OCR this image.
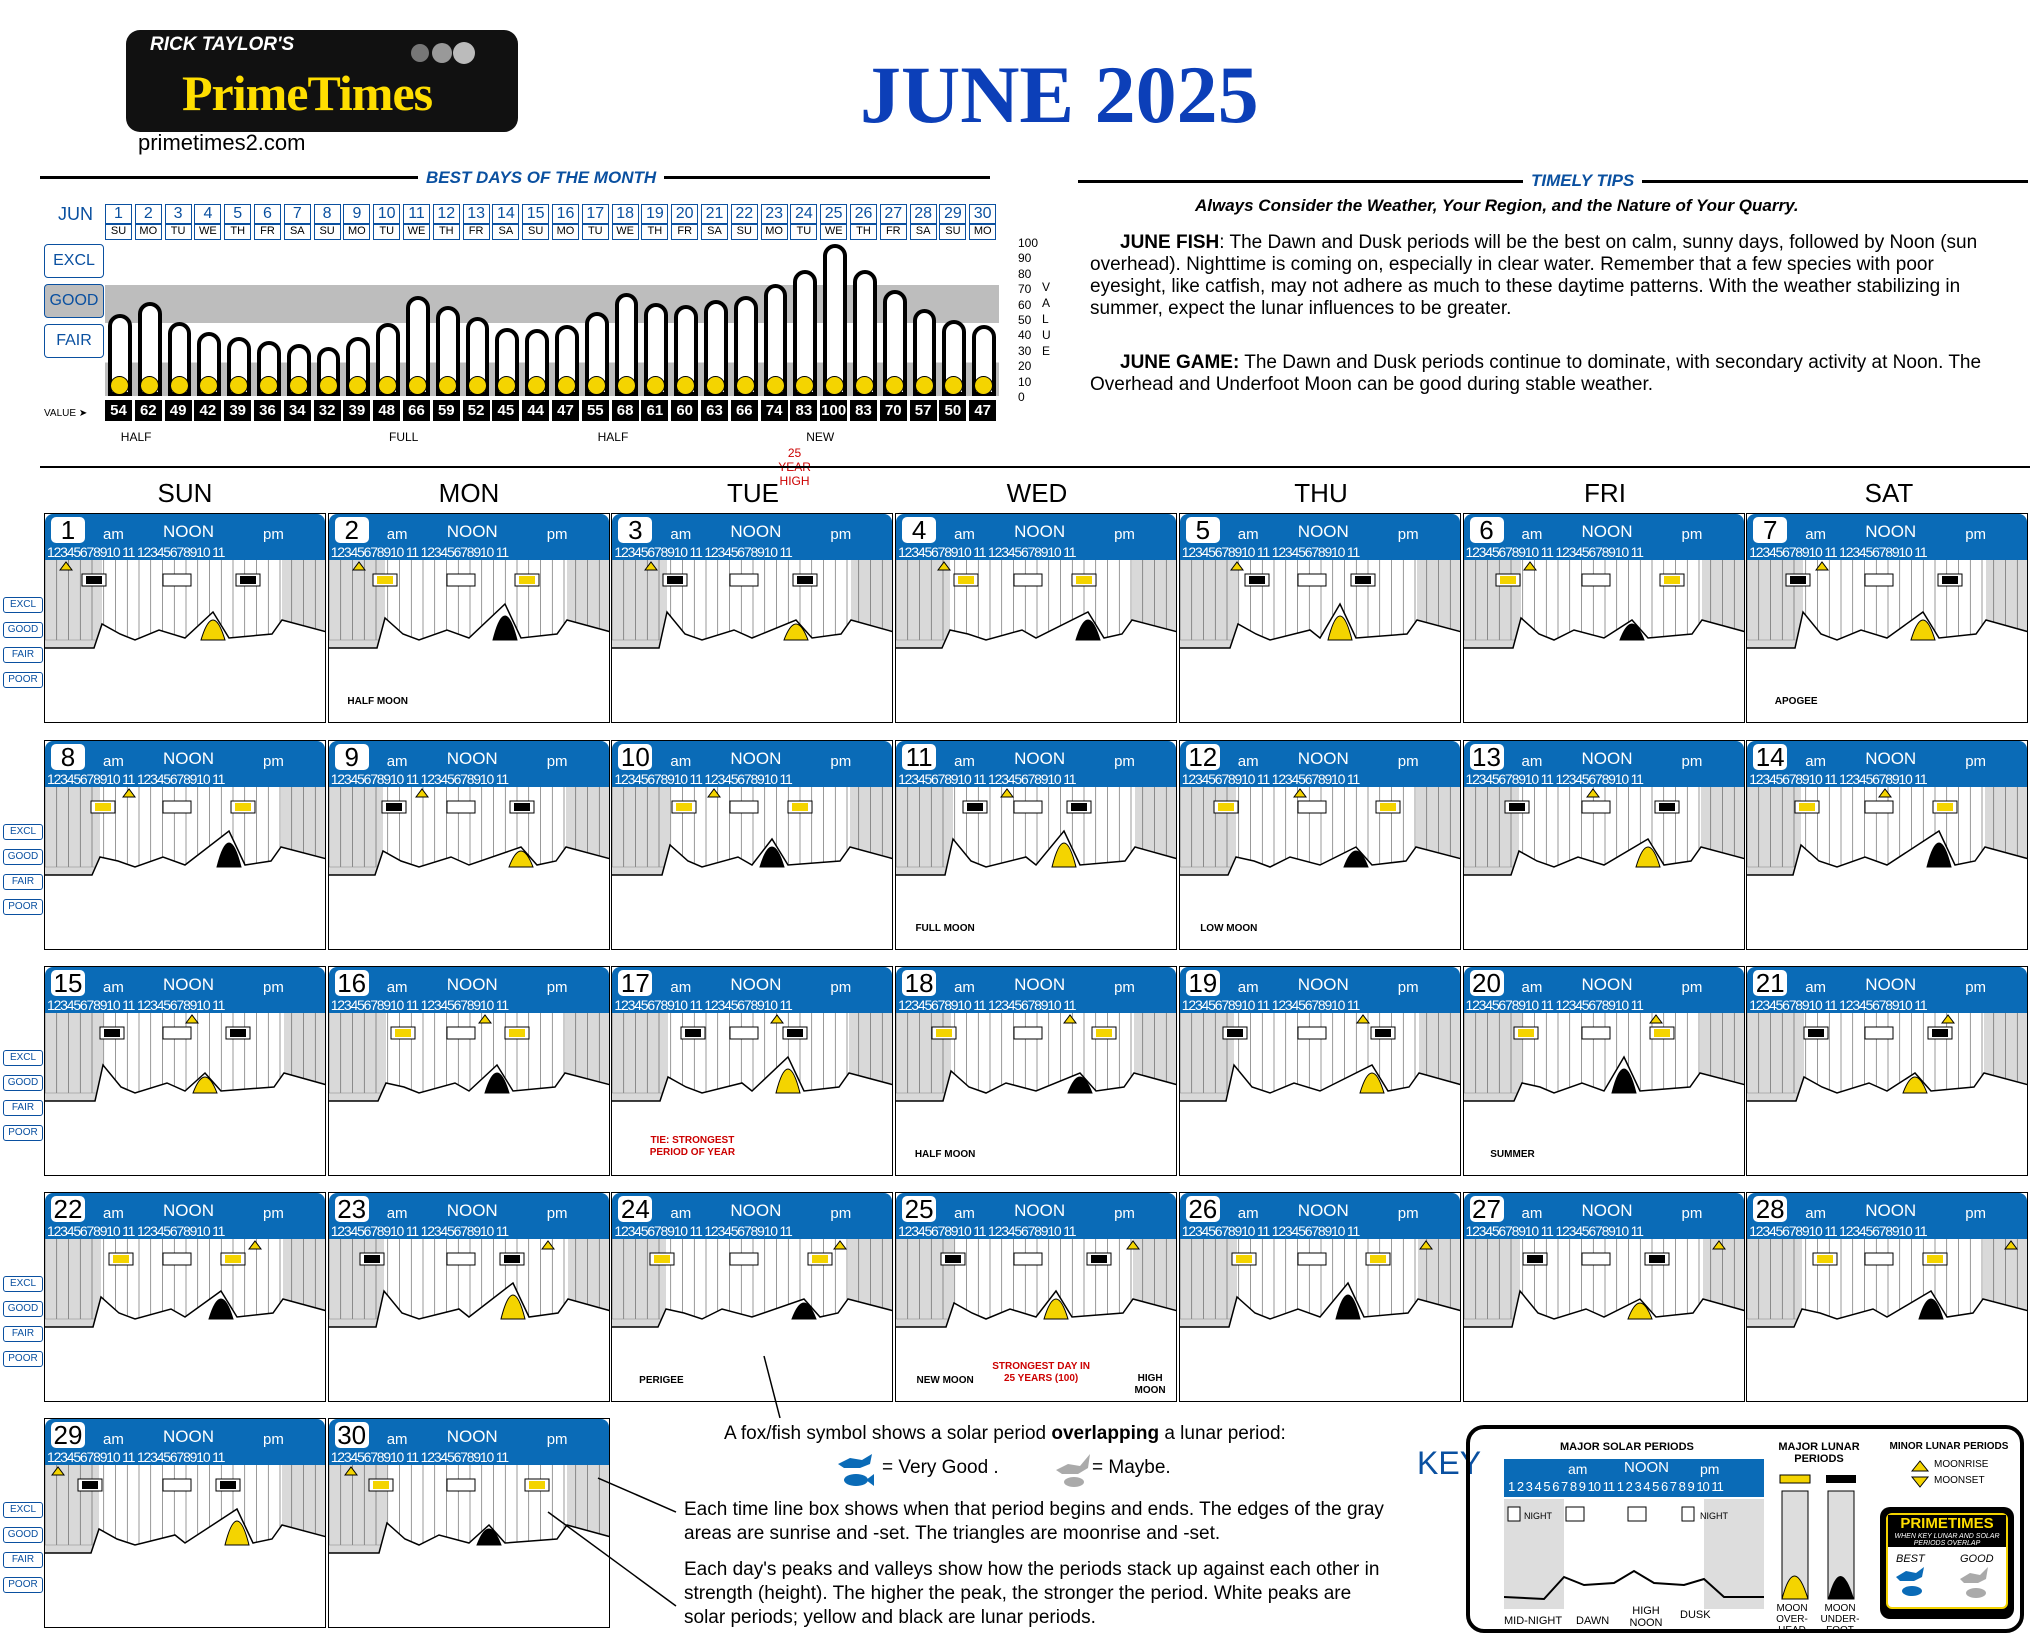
RICK TAYLOR'S
PrimeTimes
primetimes2.com
JUNE 2025
BEST DAYS OF THE MONTH
JUN	1
SU
54
2
MO
62
3
TU
49
4
WE
42
5
TH
39
6
FR
36
7
SA
34
8
SU
32
9
MO
39
10
TU
48
11
WE
66
12
TH
59
13
FR
52
14
SA
45
15
SU
44
16
MO
47
17
TU
55
18
WE
68
19
TH
61
20
FR
60
21
SA
63
22
SU
66
23
MO
74
24
TU
83
25
WE
100
26
TH
83
27
FR
70
28
SA
57
29
SU
50
30
MO
47
100
90
80
70
60
50
40
30
20
10
0
V
A
L
U
E
HALF	FULL	HALF	NEW
25 HIGH
EXCL
GOOD
FAIR
VALUE ➤
TIMELY TIPS
Always Consider the Weather, Your Region, and the Nature of Your Quarry.
JUNE FISH: The Dawn and Dusk periods will be the best on calm, sunny days, followed by Noon (sun overhead). Nighttime is coming on, especially in clear water. Remember that a few species with poor eyesight, like catfish, may not adhere as much to these daytime patterns. With the weather stabilizing in summer, expect the lunar influences to be greater.
JUNE GAME: The Dawn and Dusk periods continue to dominate, with secondary activity at Noon. The Overhead and Underfoot Moon can be good during stable weather.
SUN	MON	TUE	WED	THU	FRI	SAT
1	am NOON	pm
12345678910 11 12345678910 11
2	am NOON	pm
12345678910 11 12345678910 11
HALF MOON
3	am NOON	pm
12345678910 11 12345678910 11
4	am NOON	pm
12345678910 11 12345678910 11
5	am NOON	pm
12345678910 11 12345678910 11
6	am NOON	pm
12345678910 11 12345678910 11
7	am NOON	pm
12345678910 11 12345678910 11
APOGEE
8	am NOON	pm
12345678910 11 12345678910 11
9	am NOON	pm
12345678910 11 12345678910 11
10 am NOON	pm
12345678910 11 12345678910 11
11 am NOON	pm
12345678910 11 12345678910 11
FULL MOON
12 am NOON	pm
12345678910 11 12345678910 11
LOW MOON
13 am NOON	pm
12345678910 11 12345678910 11
14 am NOON	pm
12345678910 11 12345678910 11
15 am NOON	pm
12345678910 11 12345678910 11
16 am NOON	pm
12345678910 11 12345678910 11
17 am NOON	pm
12345678910 11 12345678910 11
TIE: STRONGEST PERIOD OF YEAR
18 am NOON	pm
12345678910 11 12345678910 11
HALF MOON
19 am NOON	pm
12345678910 11 12345678910 11
20 am NOON	pm
12345678910 11 12345678910 11
SUMMER
21 am NOON	pm
12345678910 11 12345678910 11
22 am NOON	pm
12345678910 11 12345678910 11
23 am NOON	pm
12345678910 11 12345678910 11
24 am NOON	pm
12345678910 11 12345678910 11
PERIGEE
25 am NOON	pm
12345678910 11 12345678910 11
NEW MOON
STRONGEST DAY IN 25 YEARS (100)	HIGH MOON
26 am NOON	pm
12345678910 11 12345678910 11
27 am NOON	pm
12345678910 11 12345678910 11
28 am NOON	pm
12345678910 11 12345678910 11
29 am NOON	pm
12345678910 11 12345678910 11
30 am NOON	pm
12345678910 11 12345678910 11
A fox/fish symbol shows a solar period overlapping a lunar period:
= Very Good .	= Maybe.
Each time line box shows when that period begins and ends. The edges of the gray areas are sunrise and -set. The triangles are moonrise and -set.
Each day's peaks and valleys show how the periods stack up against each other in strength (height). The higher the peak, the stronger the period. White peaks are solar periods; yellow and black are lunar periods.
KEY	MAJOR SOLAR PERIODS
am NOON pm
1 2 3 4 5 6 7 8 9 10 11 1 2 3 4 5 6 7 8 9 10 11
NIGHT	NIGHT
MID-NIGHT DAWN
HIGH NOON
DUSK
MAJOR LUNAR PERIODS
MOON OVER-HEAD
MOON UNDER-FOOT
MINOR LUNAR PERIODS
MOONRISE
MOONSET
PRIMETIMES
WHEN KEY LUNAR AND SOLAR PERIODS OVERLAP
BEST	GOOD
EXCL
GOOD
FAIR
POOR
EXCL
GOOD
FAIR
POOR
EXCL
GOOD
FAIR
POOR
EXCL
GOOD
FAIR
POOR
EXCL
GOOD
FAIR
POOR
